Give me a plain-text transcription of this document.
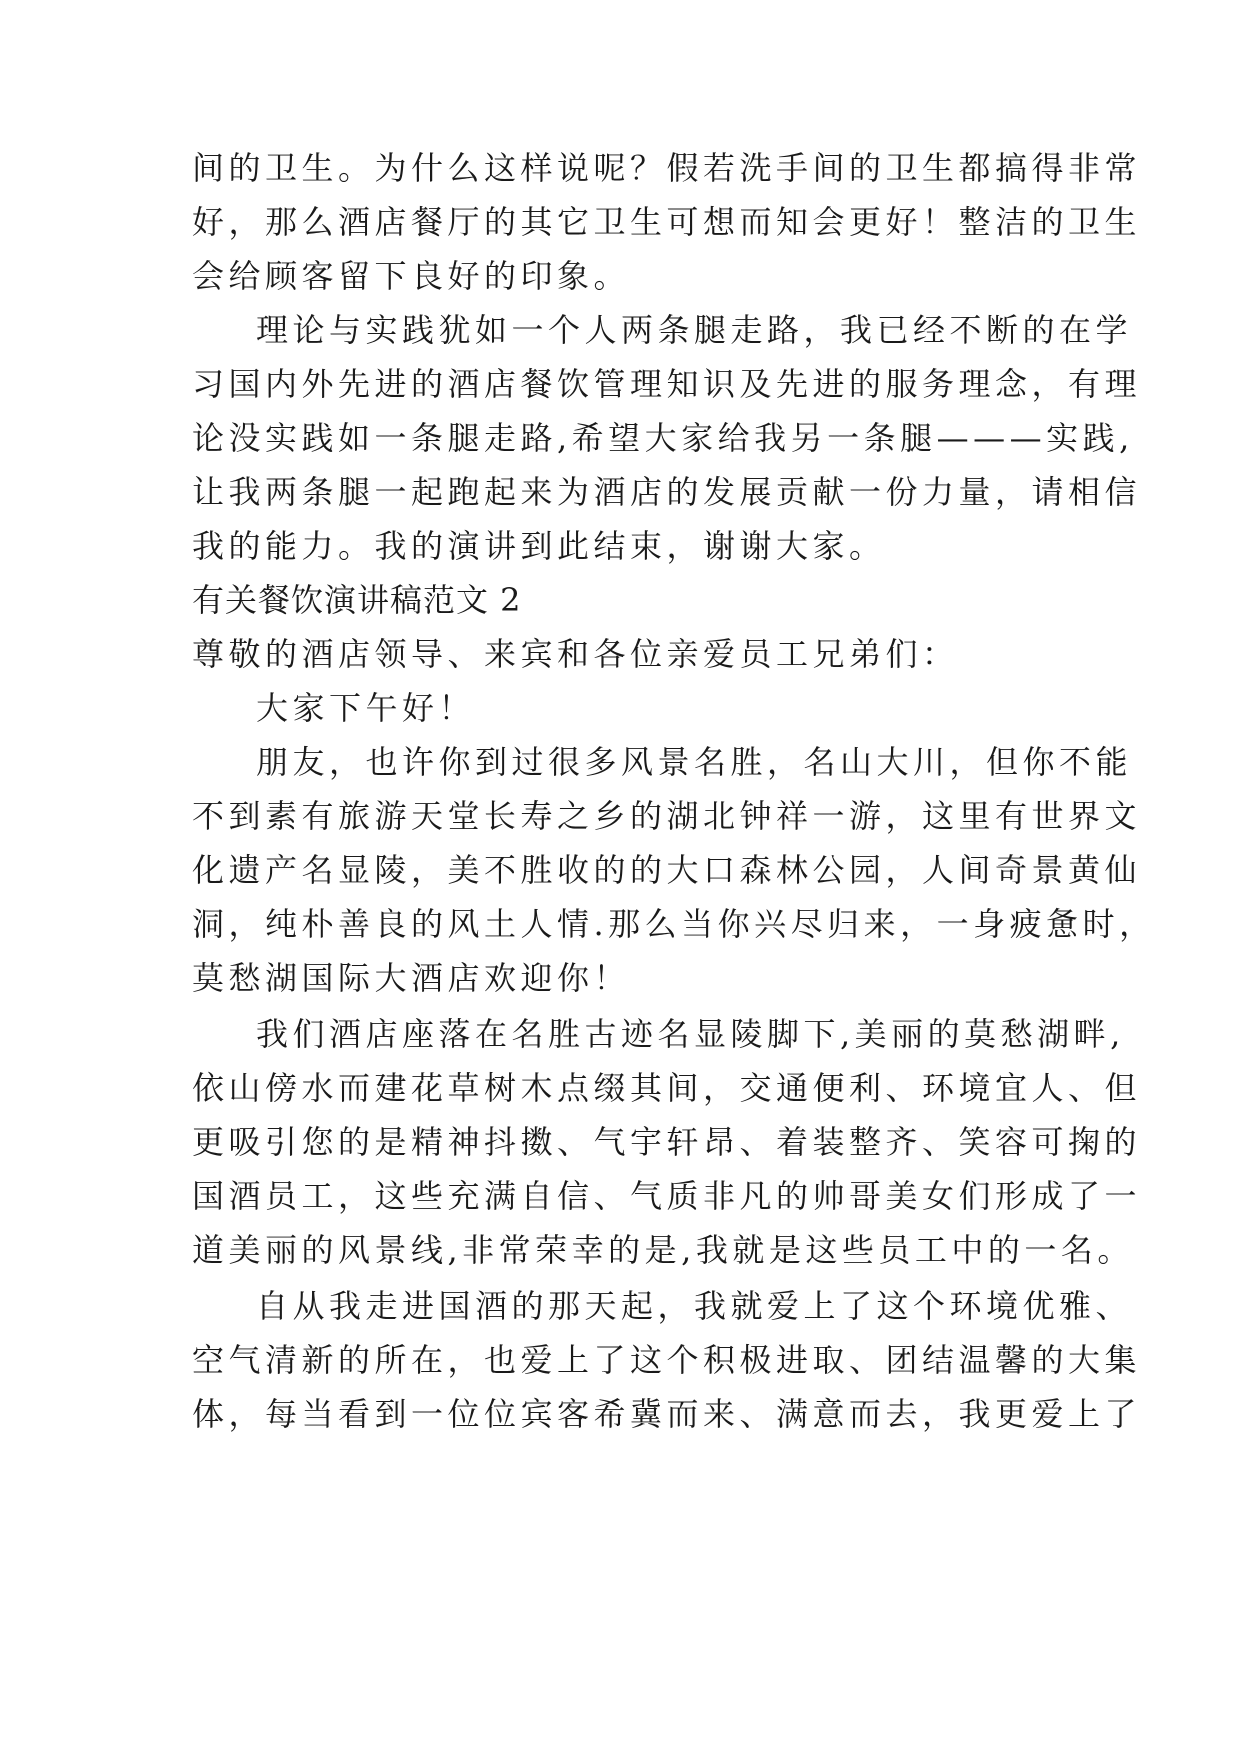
间的卫生。为什么这样说呢？假若洗手间的卫生都搞得非常
好，那么酒店餐厅的其它卫生可想而知会更好！整洁的卫生
会给顾客留下良好的印象。
理论与实践犹如一个人两条腿走路，我已经不断的在学
习国内外先进的酒店餐饮管理知识及先进的服务理念，有理
论没实践如一条腿走路,希望大家给我另一条腿———实践,
让我两条腿一起跑起来为酒店的发展贡献一份力量，请相信
我的能力。我的演讲到此结束，谢谢大家。
有关餐饮演讲稿范文 2
尊敬的酒店领导、来宾和各位亲爱员工兄弟们：
大家下午好！
朋友，也许你到过很多风景名胜，名山大川，但你不能
不到素有旅游天堂长寿之乡的湖北钟祥一游，这里有世界文
化遗产名显陵，美不胜收的的大口森林公园，人间奇景黄仙
洞，纯朴善良的风土人情.那么当你兴尽归来，一身疲惫时，
莫愁湖国际大酒店欢迎你！
我们酒店座落在名胜古迹名显陵脚下,美丽的莫愁湖畔,
依山傍水而建花草树木点缀其间，交通便利、环境宜人、但
更吸引您的是精神抖擞、气宇轩昂、着装整齐、笑容可掬的
国酒员工，这些充满自信、气质非凡的帅哥美女们形成了一
道美丽的风景线,非常荣幸的是,我就是这些员工中的一名。
自从我走进国酒的那天起，我就爱上了这个环境优雅、
空气清新的所在，也爱上了这个积极进取、团结温馨的大集
体，每当看到一位位宾客希冀而来、满意而去，我更爱上了
